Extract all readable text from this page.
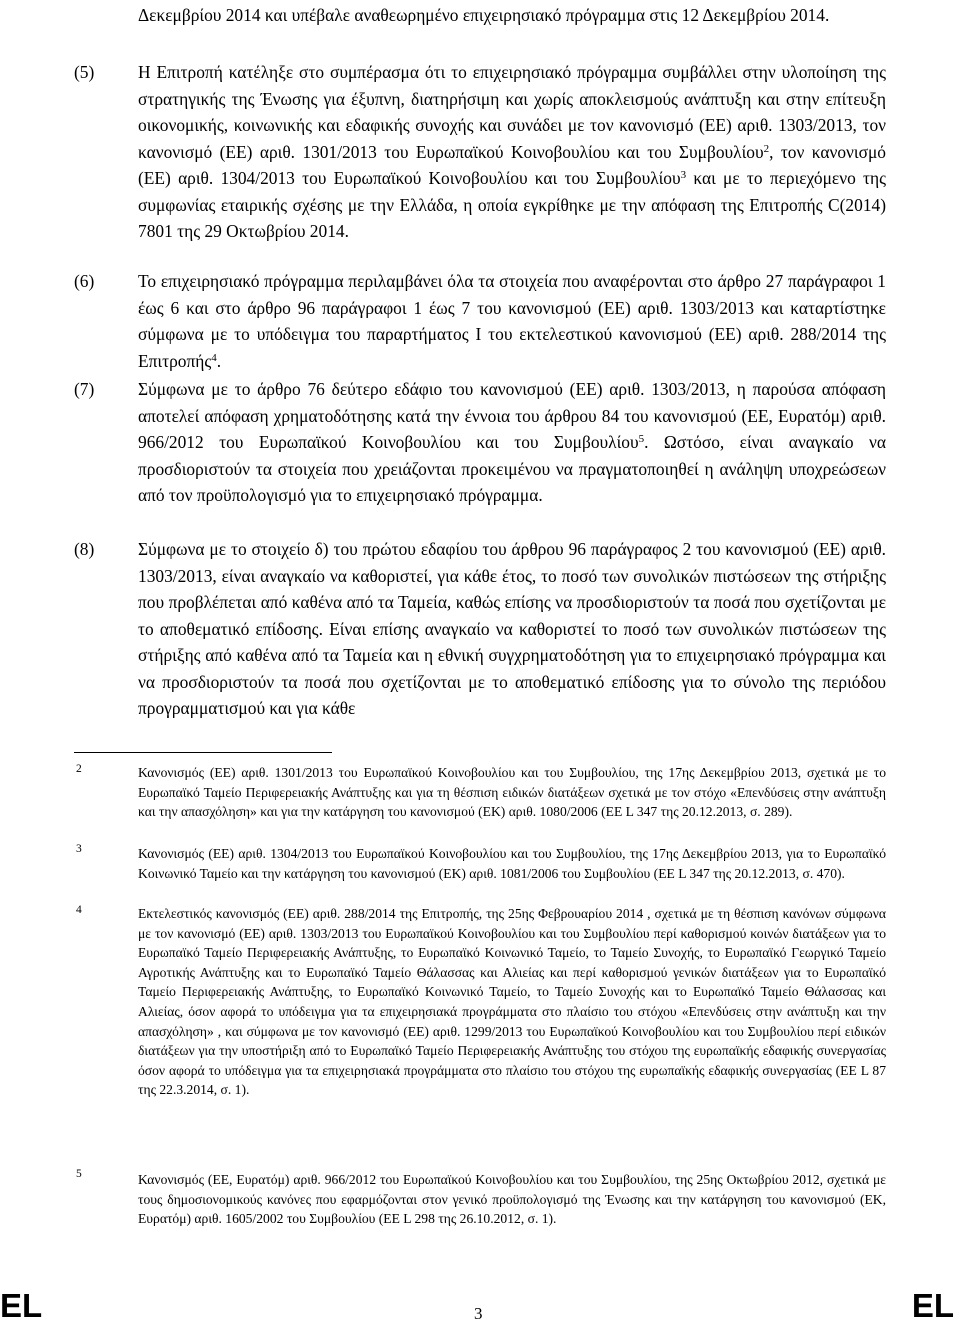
Δεκεμβρίου 2014 και υπέβαλε αναθεωρημένο επιχειρησιακό πρόγραμμα στις 12 Δεκεμβρίου 2014.
(5)	Η Επιτροπή κατέληξε στο συμπέρασμα ότι το επιχειρησιακό πρόγραμμα συμβάλλει στην υλοποίηση της στρατηγικής της Ένωσης για έξυπνη, διατηρήσιμη και χωρίς αποκλεισμούς ανάπτυξη και στην επίτευξη οικονομικής, κοινωνικής και εδαφικής συνοχής και συνάδει με τον κανονισμό (ΕΕ) αριθ. 1303/2013, τον κανονισμό (ΕΕ) αριθ. 1301/2013 του Ευρωπαϊκού Κοινοβουλίου και του Συμβουλίου$^2$, τον κανονισμό (ΕΕ) αριθ. 1304/2013 του Ευρωπαϊκού Κοινοβουλίου και του Συμβουλίου$^3$ και με το περιεχόμενο της συμφωνίας εταιρικής σχέσης με την Ελλάδα, η οποία εγκρίθηκε με την απόφαση της Επιτροπής C(2014) 7801 της 29 Οκτωβρίου 2014.
(6)	Το επιχειρησιακό πρόγραμμα περιλαμβάνει όλα τα στοιχεία που αναφέρονται στο άρθρο 27 παράγραφοι 1 έως 6 και στο άρθρο 96 παράγραφοι 1 έως 7 του κανονισμού (ΕΕ) αριθ. 1303/2013 και καταρτίστηκε σύμφωνα με το υπόδειγμα του παραρτήματος Ι του εκτελεστικού κανονισμού (ΕΕ) αριθ. 288/2014 της Επιτροπής$^4$.
(7)	Σύμφωνα με το άρθρο 76 δεύτερο εδάφιο του κανονισμού (ΕΕ) αριθ. 1303/2013, η παρούσα απόφαση αποτελεί απόφαση χρηματοδότησης κατά την έννοια του άρθρου 84 του κανονισμού (ΕΕ, Ευρατόμ) αριθ. 966/2012 του Ευρωπαϊκού Κοινοβουλίου και του Συμβουλίου$^5$. Ωστόσο, είναι αναγκαίο να προσδιοριστούν τα στοιχεία που χρειάζονται προκειμένου να πραγματοποιηθεί η ανάληψη υποχρεώσεων από τον προϋπολογισμό για το επιχειρησιακό πρόγραμμα.
(8)	Σύμφωνα με το στοιχείο δ) του πρώτου εδαφίου του άρθρου 96 παράγραφος 2 του κανονισμού (ΕΕ) αριθ. 1303/2013, είναι αναγκαίο να καθοριστεί, για κάθε έτος, το ποσό των συνολικών πιστώσεων της στήριξης που προβλέπεται από καθένα από τα Ταμεία, καθώς επίσης να προσδιοριστούν τα ποσά που σχετίζονται με το αποθεματικό επίδοσης. Είναι επίσης αναγκαίο να καθοριστεί το ποσό των συνολικών πιστώσεων της στήριξης από καθένα από τα Ταμεία και η εθνική συγχρηματοδότηση για το επιχειρησιακό πρόγραμμα και να προσδιοριστούν τα ποσά που σχετίζονται με το αποθεματικό επίδοσης για το σύνολο της περιόδου προγραμματισμού και για κάθε
2	Κανονισμός (ΕΕ) αριθ. 1301/2013 του Ευρωπαϊκού Κοινοβουλίου και του Συμβουλίου, της 17ης Δεκεμβρίου 2013, σχετικά με το Ευρωπαϊκό Ταμείο Περιφερειακής Ανάπτυξης και για τη θέσπιση ειδικών διατάξεων σχετικά με τον στόχο «Επενδύσεις στην ανάπτυξη και την απασχόληση» και για την κατάργηση του κανονισμού (ΕΚ) αριθ. 1080/2006 (ΕΕ L 347 της 20.12.2013, σ. 289).
3	Κανονισμός (ΕΕ) αριθ. 1304/2013 του Ευρωπαϊκού Κοινοβουλίου και του Συμβουλίου, της 17ης Δεκεμβρίου 2013, για το Ευρωπαϊκό Κοινωνικό Ταμείο και την κατάργηση του κανονισμού (ΕΚ) αριθ. 1081/2006 του Συμβουλίου (ΕΕ L 347 της 20.12.2013, σ. 470).
4	Εκτελεστικός κανονισμός (ΕΕ) αριθ. 288/2014 της Επιτροπής, της 25ης Φεβρουαρίου 2014 , σχετικά με τη θέσπιση κανόνων σύμφωνα με τον κανονισμό (ΕΕ) αριθ. 1303/2013 του Ευρωπαϊκού Κοινοβουλίου και του Συμβουλίου περί καθορισμού κοινών διατάξεων για το Ευρωπαϊκό Ταμείο Περιφερειακής Ανάπτυξης, το Ευρωπαϊκό Κοινωνικό Ταμείο, το Ταμείο Συνοχής, το Ευρωπαϊκό Γεωργικό Ταμείο Αγροτικής Ανάπτυξης και το Ευρωπαϊκό Ταμείο Θάλασσας και Αλιείας και περί καθορισμού γενικών διατάξεων για το Ευρωπαϊκό Ταμείο Περιφερειακής Ανάπτυξης, το Ευρωπαϊκό Κοινωνικό Ταμείο, το Ταμείο Συνοχής και το Ευρωπαϊκό Ταμείο Θάλασσας και Αλιείας, όσον αφορά το υπόδειγμα για τα επιχειρησιακά προγράμματα στο πλαίσιο του στόχου «Επενδύσεις στην ανάπτυξη και την απασχόληση» , και σύμφωνα με τον κανονισμό (ΕΕ) αριθ. 1299/2013 του Ευρωπαϊκού Κοινοβουλίου και του Συμβουλίου περί ειδικών διατάξεων για την υποστήριξη από το Ευρωπαϊκό Ταμείο Περιφερειακής Ανάπτυξης του στόχου της ευρωπαϊκής εδαφικής συνεργασίας όσον αφορά το υπόδειγμα για τα επιχειρησιακά προγράμματα στο πλαίσιο του στόχου της ευρωπαϊκής εδαφικής συνεργασίας (ΕΕ L 87 της 22.3.2014, σ. 1).
5	Κανονισμός (ΕΕ, Ευρατόμ) αριθ. 966/2012 του Ευρωπαϊκού Κοινοβουλίου και του Συμβουλίου, της 25ης Οκτωβρίου 2012, σχετικά με τους δημοσιονομικούς κανόνες που εφαρμόζονται στον γενικό προϋπολογισμό της Ένωσης και την κατάργηση του κανονισμού (ΕΚ, Ευρατόμ) αριθ. 1605/2002 του Συμβουλίου (ΕΕ L 298 της 26.10.2012, σ. 1).
EL	3	EL
